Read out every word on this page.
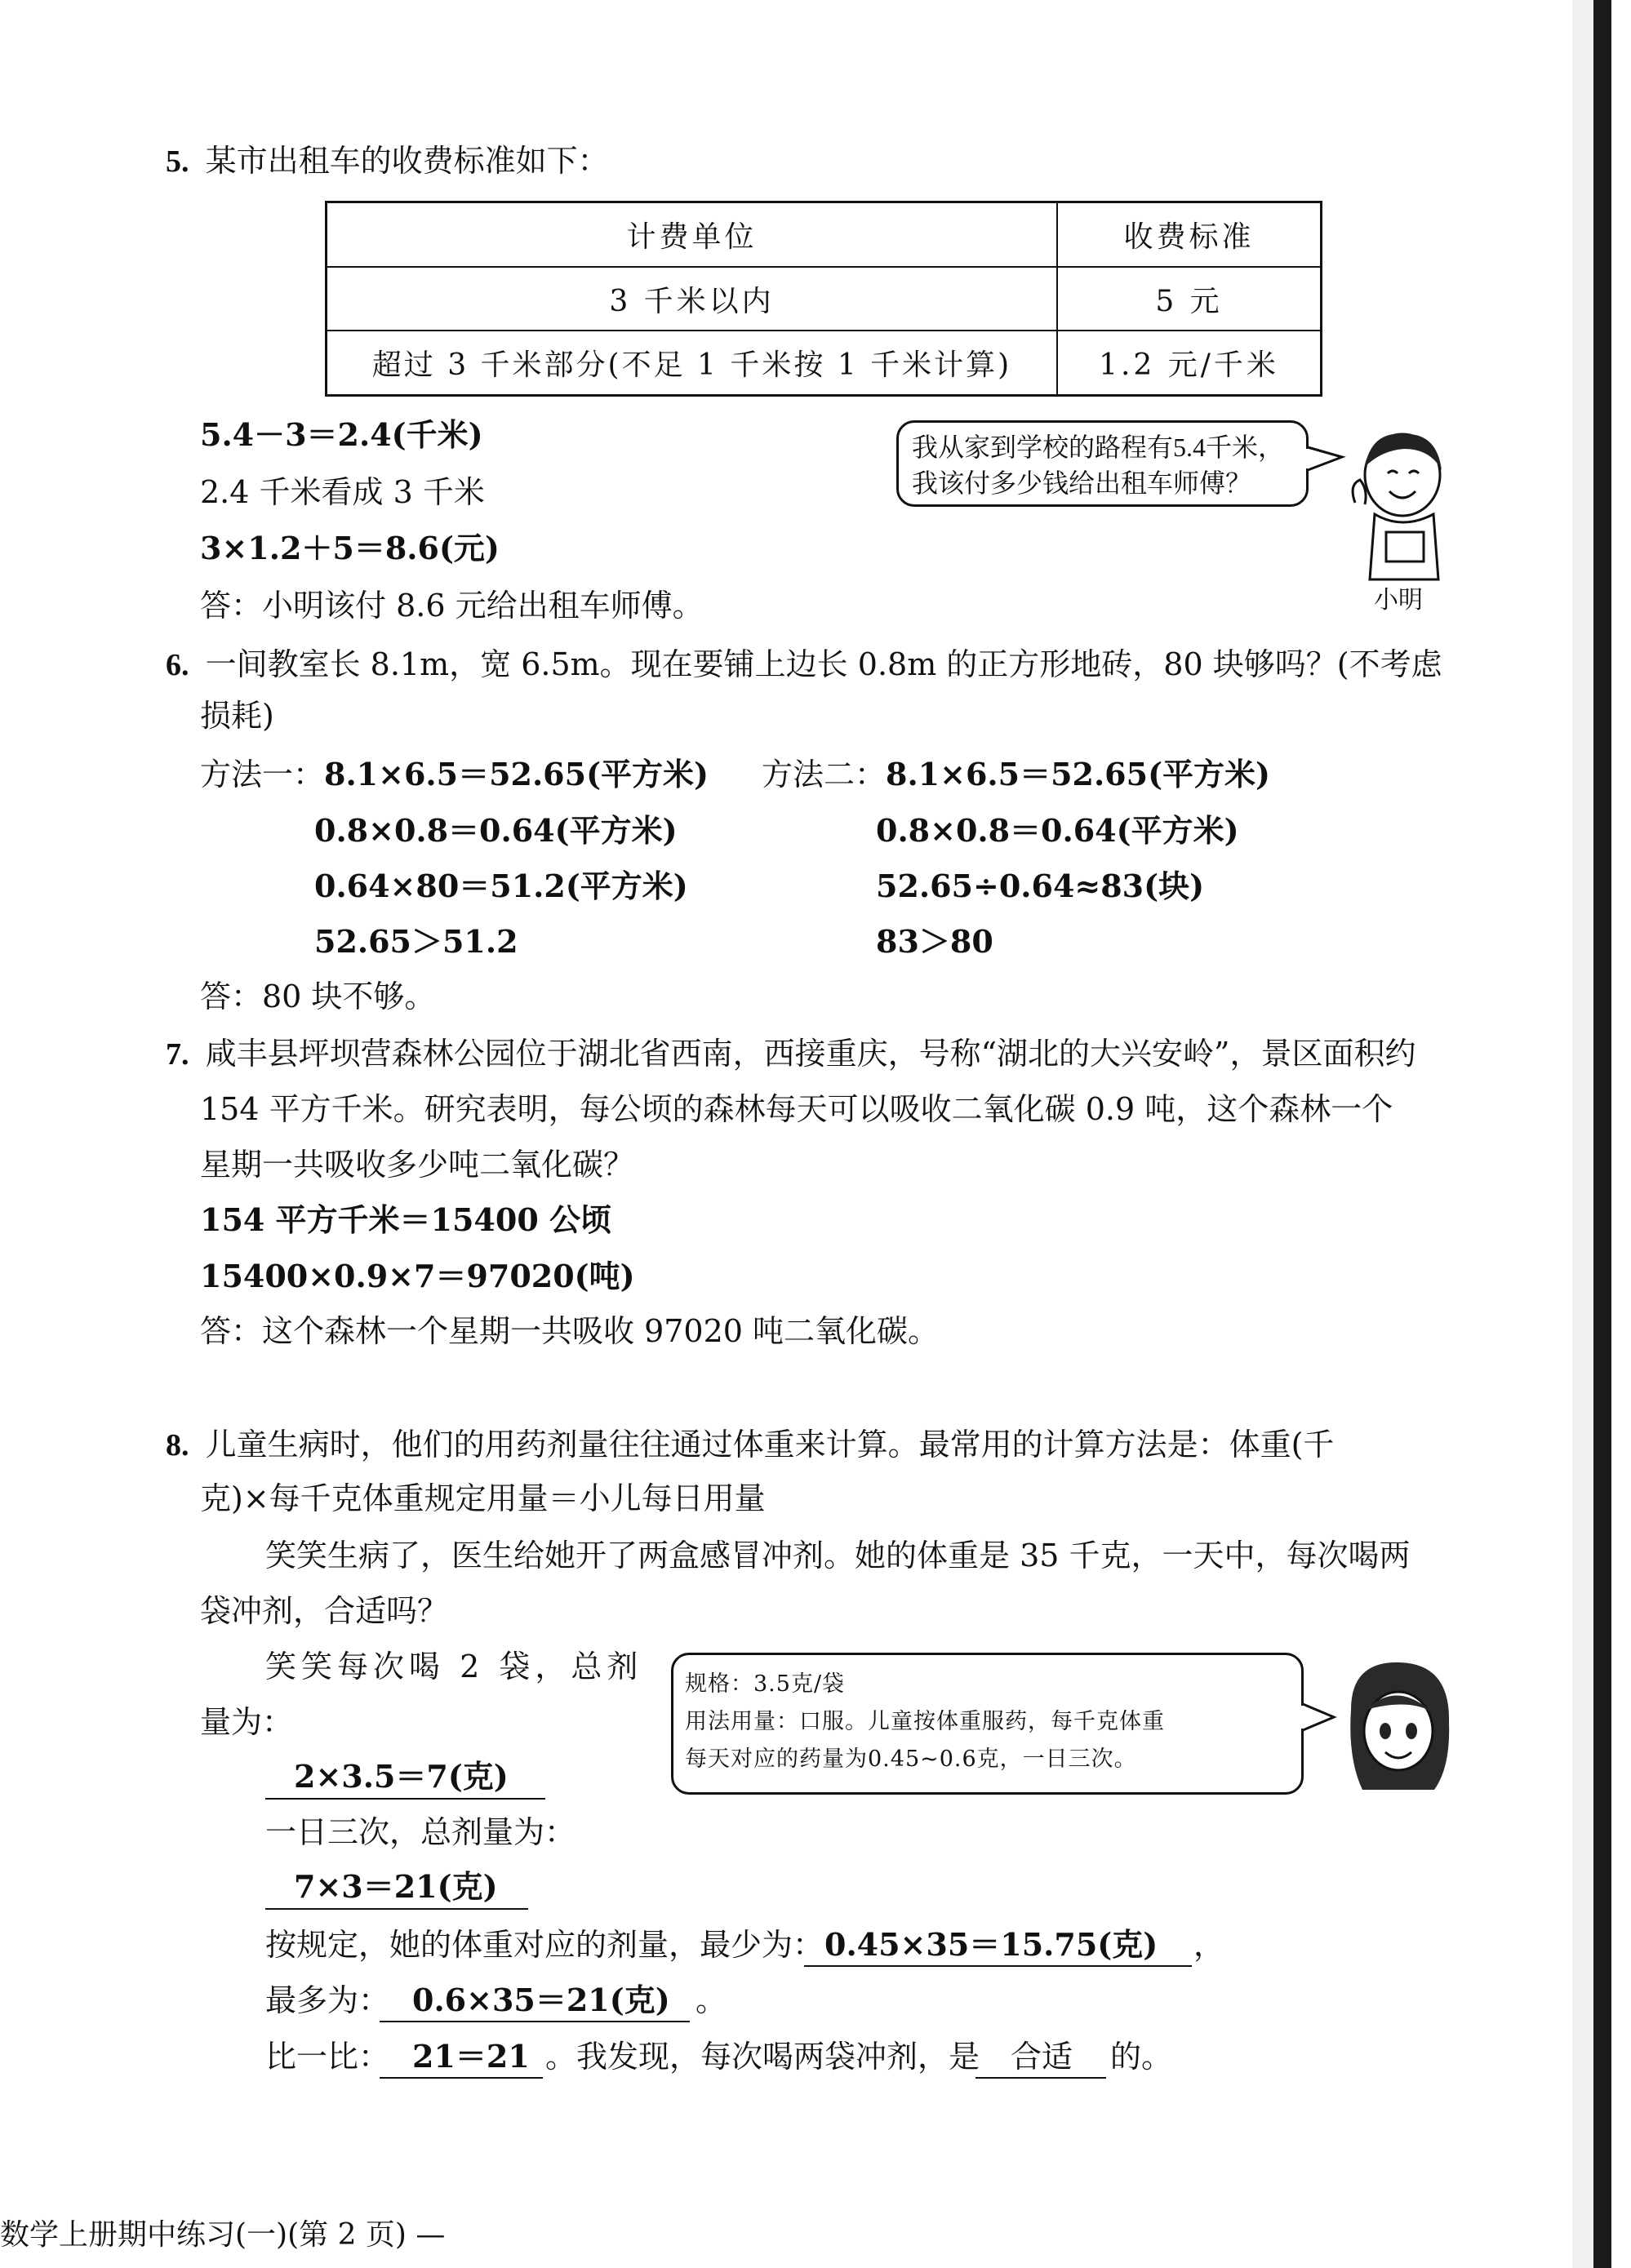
5. 某市出租车的收费标准如下：
计费单位	收费标准
3 千米以内	5 元
超过 3 千米部分(不足 1 千米按 1 千米计算)	1.2 元/千米
5.4－3＝2.4(千米)
2.4 千米看成 3 千米
3×1.2＋5＝8.6(元)
答：小明该付 8.6 元给出租车师傅。
我从家到学校的路程有5.4千米，
我该付多少钱给出租车师傅？
小明
6. 一间教室长 8.1m，宽 6.5m。现在要铺上边长 0.8m 的正方形地砖，80 块够吗？(不考虑
损耗)
方法一：8.1×6.5＝52.65(平方米)
0.8×0.8＝0.64(平方米)
0.64×80＝51.2(平方米)
52.65＞51.2
方法二：8.1×6.5＝52.65(平方米)
0.8×0.8＝0.64(平方米)
52.65÷0.64≈83(块)
83＞80
答：80 块不够。
7. 咸丰县坪坝营森林公园位于湖北省西南，西接重庆，号称“湖北的大兴安岭”，景区面积约
154 平方千米。研究表明，每公顷的森林每天可以吸收二氧化碳 0.9 吨，这个森林一个
星期一共吸收多少吨二氧化碳？
154 平方千米＝15400 公顷
15400×0.9×7＝97020(吨)
答：这个森林一个星期一共吸收 97020 吨二氧化碳。
8. 儿童生病时，他们的用药剂量往往通过体重来计算。最常用的计算方法是：体重(千
克)×每千克体重规定用量＝小儿每日用量
笑笑生病了，医生给她开了两盒感冒冲剂。她的体重是 35 千克，一天中，每次喝两
袋冲剂，合适吗？
笑笑每次喝 2 袋，总剂
量为：
2×3.5＝7(克)
一日三次，总剂量为：
7×3＝21(克)
按规定，她的体重对应的剂量，最少为： 0.45×35＝15.75(克) ，
最多为： 0.6×35＝21(克) 。
比一比： 21＝21 。我发现，每次喝两袋冲剂，是 合适 的。
规格：3.5克/袋
用法用量：口服。儿童按体重服药，每千克体重
每天对应的药量为0.45~0.6克，一日三次。
数学上册期中练习(一)(第 2 页) —
